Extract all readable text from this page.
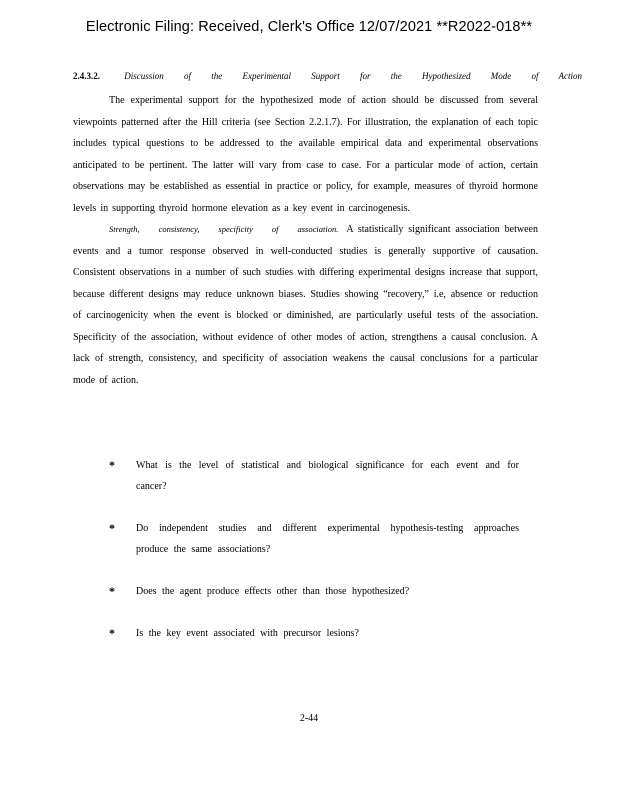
Electronic Filing: Received, Clerk's Office 12/07/2021 **R2022-018**
2.4.3.2.	Discussion of the Experimental Support for the Hypothesized Mode of Action

The experimental support for the hypothesized mode of action should be discussed from several viewpoints patterned after the Hill criteria (see Section 2.2.1.7). For illustration, the explanation of each topic includes typical questions to be addressed to the available empirical data and experimental observations anticipated to be pertinent. The latter will vary from case to case. For a particular mode of action, certain observations may be established as essential in practice or policy, for example, measures of thyroid hormone levels in supporting thyroid hormone elevation as a key event in carcinogenesis.

Strength, consistency, specificity of association. A statistically significant association between events and a tumor response observed in well-conducted studies is generally supportive of causation. Consistent observations in a number of such studies with differing experimental designs increase that support, because different designs may reduce unknown biases. Studies showing “recovery,” i.e, absence or reduction of carcinogenicity when the event is blocked or diminished, are particularly useful tests of the association. Specificity of the association, without evidence of other modes of action, strengthens a causal conclusion. A lack of strength, consistency, and specificity of association weakens the causal conclusions for a particular mode of action.

* What is the level of statistical and biological significance for each event and for cancer?
* Do independent studies and different experimental hypothesis-testing approaches produce the same associations?
* Does the agent produce effects other than those hypothesized?
* Is the key event associated with precursor lesions?
2-44
